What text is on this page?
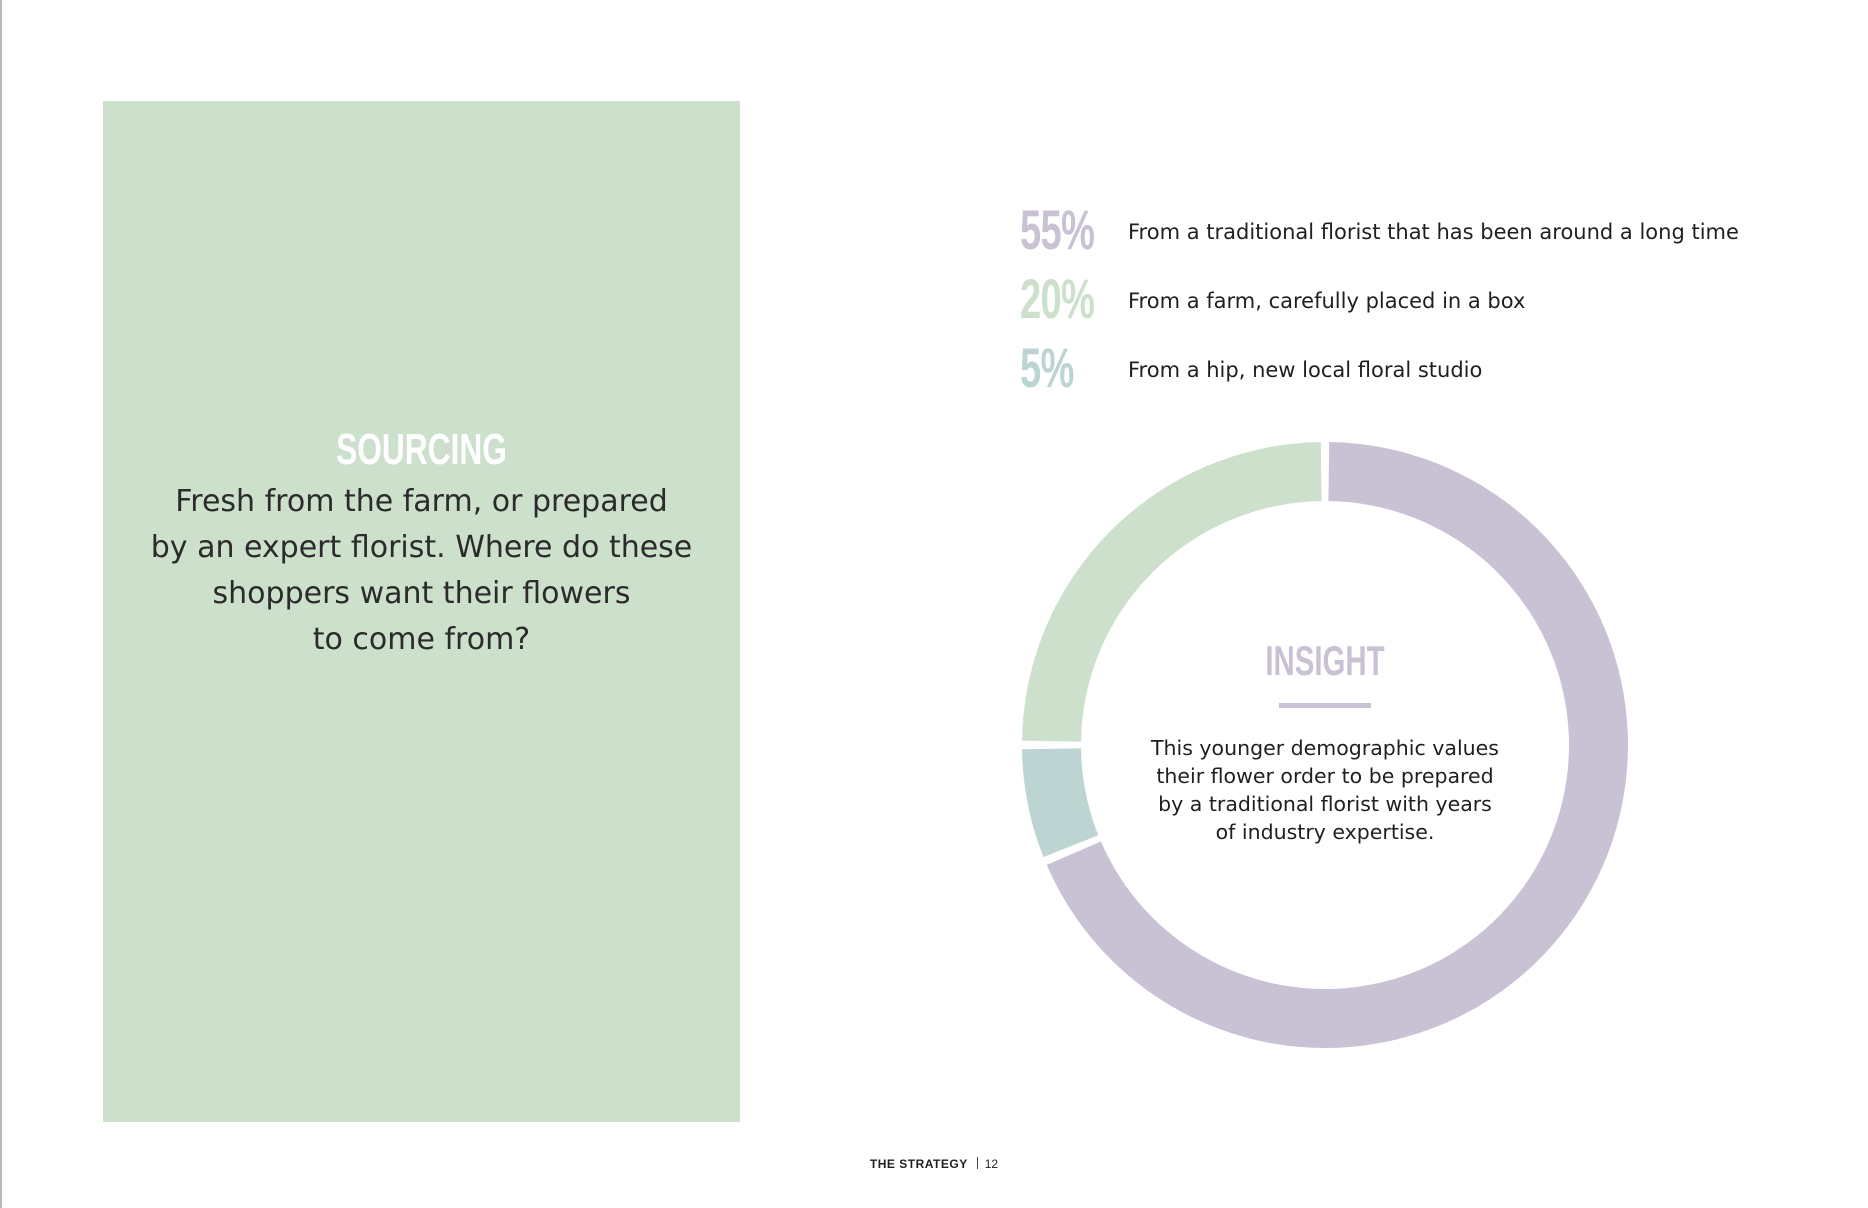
SOURCING
Fresh from the farm, or prepared
by an expert florist. Where do these
shoppers want their flowers
to come from?
55% From a traditional florist that has been around a long time
20% From a farm, carefully placed in a box
5%	From a hip, new local floral studio
INSIGHT
This younger demographic values
their flower order to be prepared
by a traditional florist with years
of industry expertise.
THE STRATEGY 12
